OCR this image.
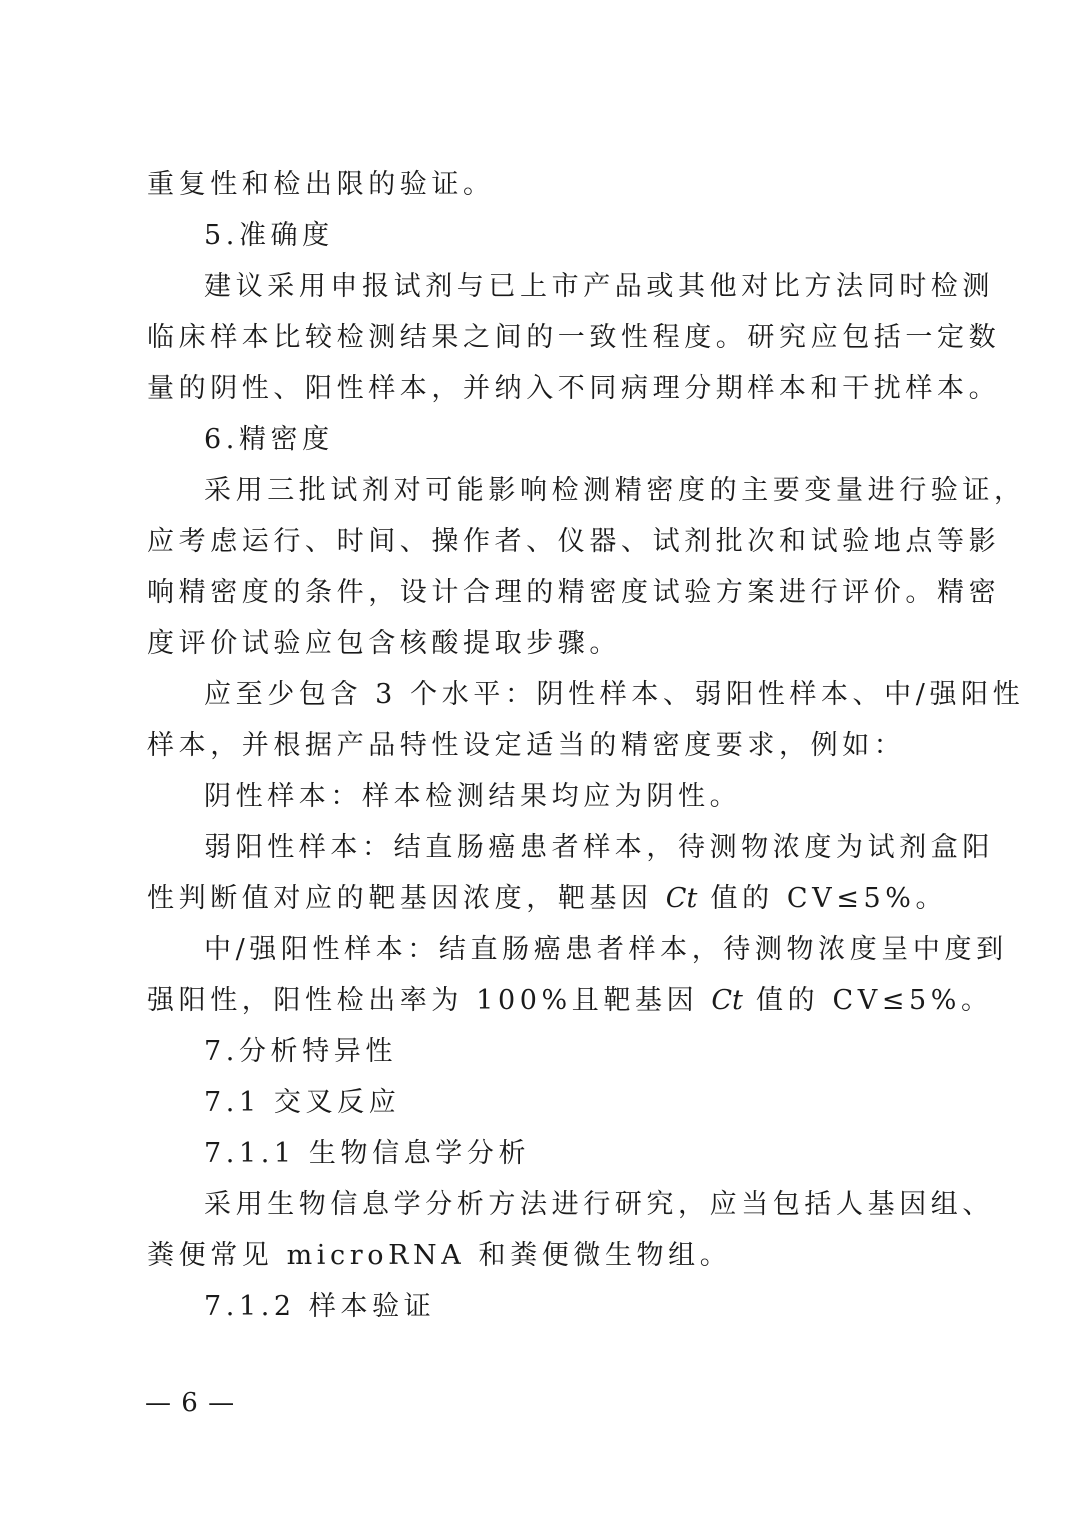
重复性和检出限的验证。
5.准确度
建议采用申报试剂与已上市产品或其他对比方法同时检测
临床样本比较检测结果之间的一致性程度。研究应包括一定数
量的阴性、阳性样本，并纳入不同病理分期样本和干扰样本。
6.精密度
采用三批试剂对可能影响检测精密度的主要变量进行验证，
应考虑运行、时间、操作者、仪器、试剂批次和试验地点等影
响精密度的条件，设计合理的精密度试验方案进行评价。精密
度评价试验应包含核酸提取步骤。
应至少包含 3 个水平：阴性样本、弱阳性样本、中/强阳性
样本，并根据产品特性设定适当的精密度要求，例如：
阴性样本：样本检测结果均应为阴性。
弱阳性样本：结直肠癌患者样本，待测物浓度为试剂盒阳
性判断值对应的靶基因浓度，靶基因 Ct 值的 CV≤5%。
中/强阳性样本：结直肠癌患者样本，待测物浓度呈中度到
强阳性，阳性检出率为 100%且靶基因 Ct 值的 CV≤5%。
7.分析特异性
7.1 交叉反应
7.1.1 生物信息学分析
采用生物信息学分析方法进行研究，应当包括人基因组、
粪便常见 microRNA 和粪便微生物组。
7.1.2 样本验证
— 6 —
